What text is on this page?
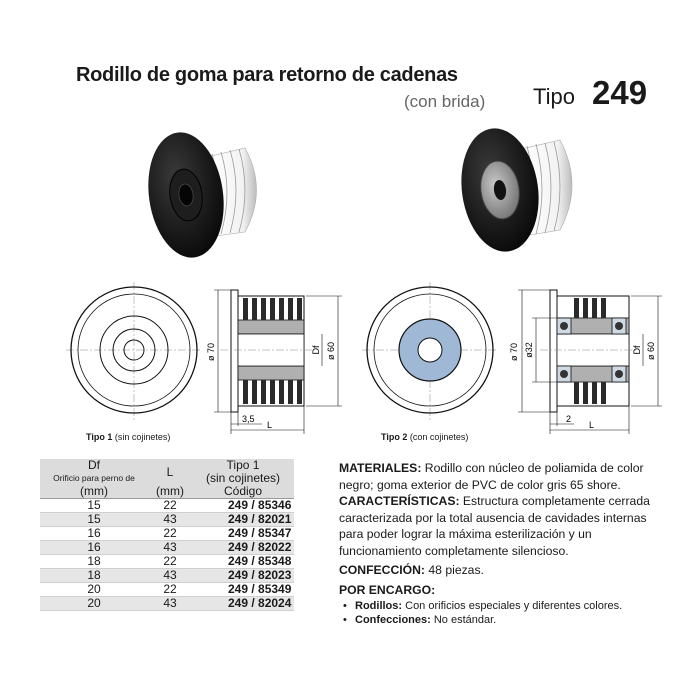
Rodillo de goma para retorno de cadenas
(con brida) Tipo 249
ø 70	ø 60
Df
3,5
L
ø 70 ø32	ø 60
Df
2
L
Tipo 1 (sin cojinetes)	Tipo 2 (con cojinetes)
Df	L	Tipo 1
Orificio para perno de		(sin cojinetes)
(mm)	(mm)	Código
15	22	249 / 85346
15	43	249 / 82021
16	22	249 / 85347
16	43	249 / 82022
18	22	249 / 85348
18	43	249 / 82023
20	22	249 / 85349
20	43	249 / 82024

MATERIALES: Rodillo con núcleo de poliamida de color negro; goma exterior de PVC de color gris 65 shore.

CARACTERÍSTICAS: Estructura completamente cerrada caracterizada por la total ausencia de cavidades internas para poder lograr la máxima esterilización y un funcionamiento completamente silencioso.

CONFECCIÓN: 48 piezas.

POR ENCARGO:

• Rodillos: Con orificios especiales y diferentes colores.
• Confecciones: No estándar.
